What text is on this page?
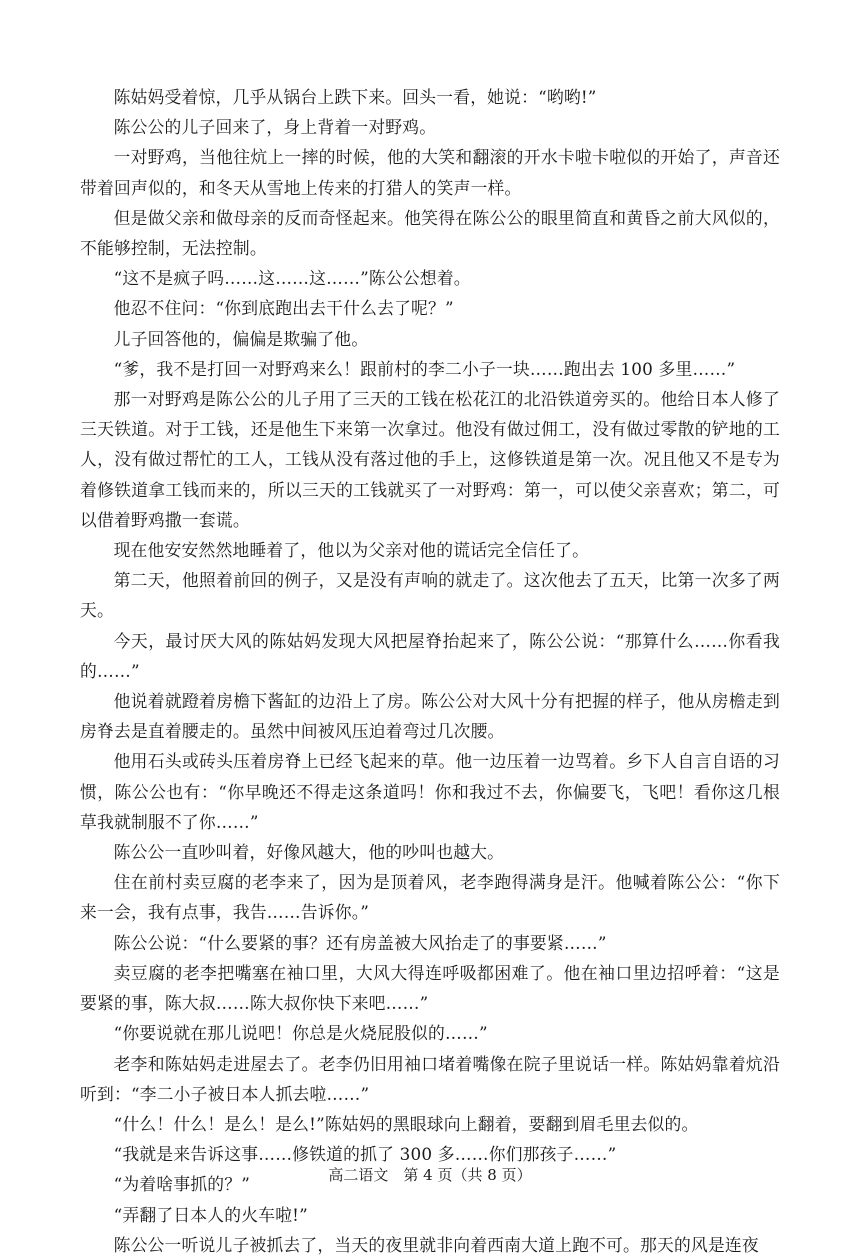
陈姑妈受着惊，几乎从锅台上跌下来。回头一看，她说：“哟哟!”

陈公公的儿子回来了，身上背着一对野鸡。

一对野鸡，当他往炕上一摔的时候，他的大笑和翻滚的开水卡啦卡啦似的开始了，声音还带着回声似的，和冬天从雪地上传来的打猎人的笑声一样。

但是做父亲和做母亲的反而奇怪起来。他笑得在陈公公的眼里简直和黄昏之前大风似的，不能够控制，无法控制。

“这不是疯子吗……这……这……”陈公公想着。

他忍不住问：“你到底跑出去干什么去了呢？”

儿子回答他的，偏偏是欺骗了他。

“爹，我不是打回一对野鸡来么！跟前村的李二小子一块……跑出去 100 多里……”

那一对野鸡是陈公公的儿子用了三天的工钱在松花江的北沿铁道旁买的。他给日本人修了三天铁道。对于工钱，还是他生下来第一次拿过。他没有做过佣工，没有做过零散的铲地的工人，没有做过帮忙的工人，工钱从没有落过他的手上，这修铁道是第一次。况且他又不是专为着修铁道拿工钱而来的，所以三天的工钱就买了一对野鸡：第一，可以使父亲喜欢；第二，可以借着野鸡撒一套谎。

现在他安安然然地睡着了，他以为父亲对他的谎话完全信任了。

第二天，他照着前回的例子，又是没有声响的就走了。这次他去了五天，比第一次多了两天。

今天，最讨厌大风的陈姑妈发现大风把屋脊抬起来了，陈公公说：“那算什么……你看我的……”

他说着就蹬着房檐下酱缸的边沿上了房。陈公公对大风十分有把握的样子，他从房檐走到房脊去是直着腰走的。虽然中间被风压迫着弯过几次腰。

他用石头或砖头压着房脊上已经飞起来的草。他一边压着一边骂着。乡下人自言自语的习惯，陈公公也有：“你早晚还不得走这条道吗！你和我过不去，你偏要飞，飞吧！看你这几根草我就制服不了你……”

陈公公一直吵叫着，好像风越大，他的吵叫也越大。

住在前村卖豆腐的老李来了，因为是顶着风，老李跑得满身是汗。他喊着陈公公：“你下来一会，我有点事，我告……告诉你。”

陈公公说：“什么要紧的事？还有房盖被大风抬走了的事要紧……”

卖豆腐的老李把嘴塞在袖口里，大风大得连呼吸都困难了。他在袖口里边招呼着：“这是要紧的事，陈大叔……陈大叔你快下来吧……”

“你要说就在那儿说吧！你总是火烧屁股似的……”

老李和陈姑妈走进屋去了。老李仍旧用袖口堵着嘴像在院子里说话一样。陈姑妈靠着炕沿听到：“李二小子被日本人抓去啦……”

“什么！什么！是么！是么!”陈姑妈的黑眼球向上翻着，要翻到眉毛里去似的。

“我就是来告诉这事……修铁道的抓了 300 多……你们那孩子……”

“为着啥事抓的？”

“弄翻了日本人的火车啦!”

陈公公一听说儿子被抓去了，当天的夜里就非向着西南大道上跑不可。那天的风是连夜

高二语文　第 4 页（共 8 页）
